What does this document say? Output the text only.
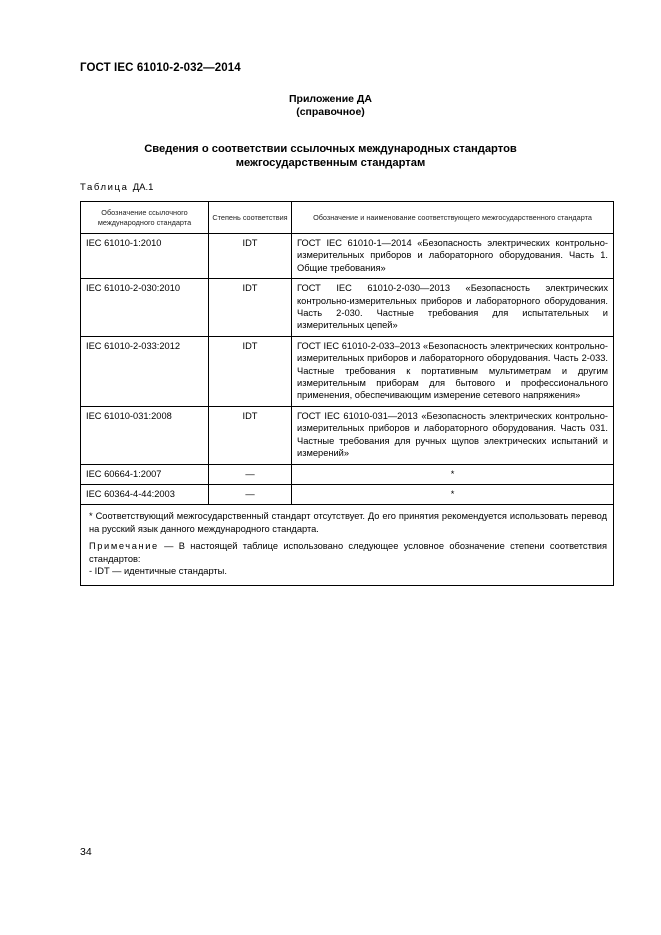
ГОСТ IEC 61010-2-032—2014
Приложение ДА
(справочное)
Сведения о соответствии ссылочных международных стандартов
межгосударственным стандартам
Таблица ДА.1
Обозначение ссылочного международного стандарта	Степень соответствия	Обозначение и наименование соответствующего межгосударственного стандарта
IEC 61010-1:2010	IDT	ГОСТ IEC 61010-1—2014 «Безопасность электрических контрольно-измерительных приборов и лабораторного оборудования. Часть 1. Общие требования»
IEC 61010-2-030:2010	IDT	ГОСТ IEC 61010-2-030—2013 «Безопасность электрических контрольно-измерительных приборов и лабораторного оборудования. Часть 2-030. Частные требования для испытательных и измерительных цепей»
IEC 61010-2-033:2012	IDT	ГОСТ IEC 61010-2-033–2013 «Безопасность электрических контрольно-измерительных приборов и лабораторного оборудования. Часть 2-033. Частные требования к портативным мультиметрам и другим измерительным приборам для бытового и профессионального применения, обеспечивающим измерение сетевого напряжения»
IEC 61010-031:2008	IDT	ГОСТ IEC 61010-031—2013 «Безопасность электрических контрольно-измерительных приборов и лабораторного оборудования. Часть 031. Частные требования для ручных щупов электрических испытаний и измерений»
IEC 60664-1:2007	—	*
IEC 60364-4-44:2003	—	*

* Соответствующий межгосударственный стандарт отсутствует. До его принятия рекомендуется использовать перевод на русский язык данного международного стандарта.

Примечание — В настоящей таблице использовано следующее условное обозначение степени соответствия стандартов:

- IDT — идентичные стандарты.		

34
